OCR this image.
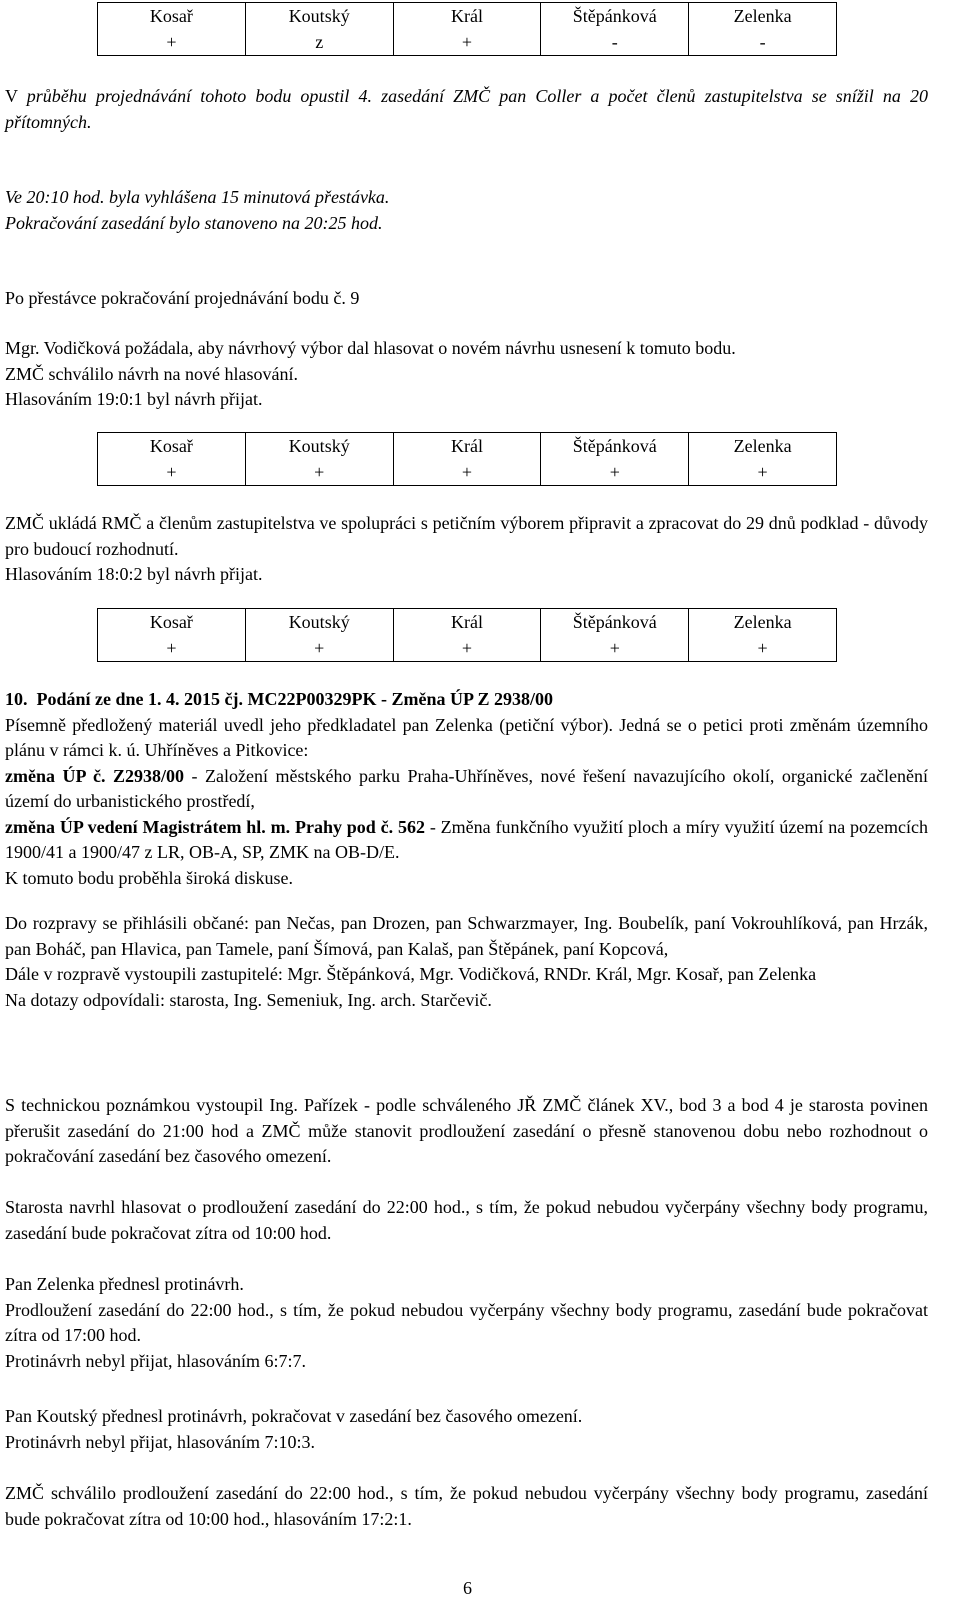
Kosař	Koutský	Král	Štěpánková	Zelenka
+	z	+	-	-
V průběhu projednávání tohoto bodu opustil 4. zasedání ZMČ pan Coller a počet členů zastupitelstva se snížil na 20 přítomných.
Ve 20:10 hod. byla vyhlášena 15 minutová přestávka.
Pokračování zasedání bylo stanoveno na 20:25 hod.
Po přestávce pokračování projednávání bodu č. 9
Mgr. Vodičková požádala, aby návrhový výbor dal hlasovat o novém návrhu usnesení k tomuto bodu.
ZMČ schválilo návrh na nové hlasování.
Hlasováním 19:0:1 byl návrh přijat.
Kosař	Koutský	Král	Štěpánková	Zelenka
+	+	+	+	+
ZMČ ukládá RMČ a členům zastupitelstva ve spolupráci s petičním výborem připravit a zpracovat do 29 dnů podklad - důvody pro budoucí rozhodnutí.
Hlasováním 18:0:2 byl návrh přijat.
Kosař	Koutský	Král	Štěpánková	Zelenka
+	+	+	+	+
10.  Podání ze dne 1. 4. 2015 čj. MC22P00329PK - Změna ÚP Z 2938/00
Písemně předložený materiál uvedl jeho předkladatel pan Zelenka (petiční výbor). Jedná se o petici proti změnám územního plánu v rámci k. ú. Uhříněves a Pitkovice:
změna ÚP č. Z2938/00 - Založení městského parku Praha-Uhříněves, nové řešení navazujícího okolí, organické začlenění území do urbanistického prostředí,
změna ÚP vedení Magistrátem hl. m. Prahy pod č. 562 - Změna funkčního využití ploch a míry využití území na pozemcích 1900/41 a 1900/47 z LR, OB-A, SP, ZMK na OB-D/E.
K tomuto bodu proběhla široká diskuse.
Do rozpravy se přihlásili občané: pan Nečas, pan Drozen, pan Schwarzmayer, Ing. Boubelík, paní Vokrouhlíková, pan Hrzák, pan Boháč, pan Hlavica, pan Tamele, paní Šímová, pan Kalaš, pan Štěpánek, paní Kopcová,
Dále v rozpravě vystoupili zastupitelé: Mgr. Štěpánková, Mgr. Vodičková, RNDr. Král, Mgr. Kosař, pan Zelenka
Na dotazy odpovídali: starosta, Ing. Semeniuk, Ing. arch. Starčevič.
S technickou poznámkou vystoupil Ing. Pařízek - podle schváleného JŘ ZMČ článek XV., bod 3 a bod 4 je starosta povinen přerušit zasedání do 21:00 hod a ZMČ může stanovit prodloužení zasedání o přesně stanovenou dobu nebo rozhodnout o pokračování zasedání bez časového omezení.
Starosta navrhl hlasovat o prodloužení zasedání do 22:00 hod., s tím, že pokud nebudou vyčerpány všechny body programu, zasedání bude pokračovat zítra od 10:00 hod.
Pan Zelenka přednesl protinávrh.
Prodloužení zasedání do 22:00 hod., s tím, že pokud nebudou vyčerpány všechny body programu, zasedání bude pokračovat zítra od 17:00 hod.
Protinávrh nebyl přijat, hlasováním 6:7:7.
Pan Koutský přednesl protinávrh, pokračovat v zasedání bez časového omezení.
Protinávrh nebyl přijat, hlasováním 7:10:3.
ZMČ schválilo prodloužení zasedání do 22:00 hod., s tím, že pokud nebudou vyčerpány všechny body programu, zasedání bude pokračovat zítra od 10:00 hod., hlasováním 17:2:1.
6
